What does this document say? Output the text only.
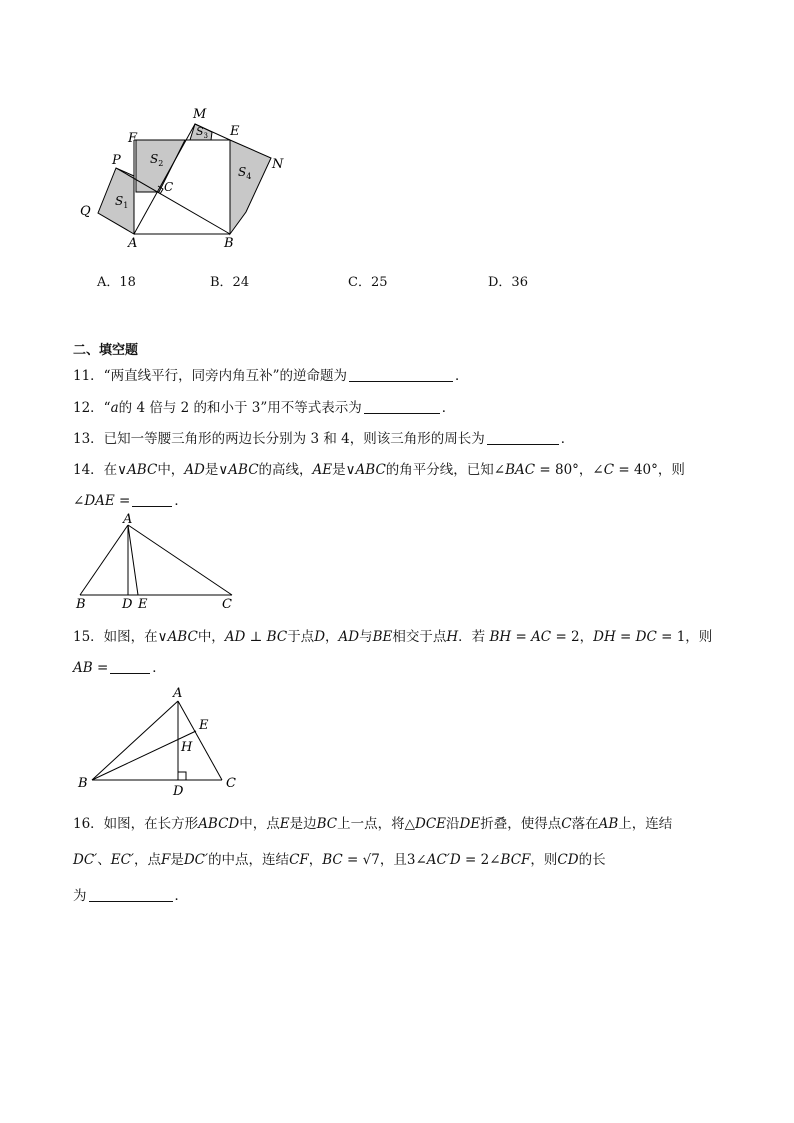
M
E
F
N
P
Q
C
A	B
$S_1$
$S_2$
$S_3$
$S_4$
A．18	B．24	C．25	D．36
二、填空题
11．“两直线平行，同旁内角互补”的逆命题为	．
12．“a的 4 倍与 2 的和小于 3”用不等式表示为	．
13．已知一等腰三角形的两边长分别为 3 和 4，则该三角形的周长为	．
14．在∨ABC中，AD是∨ABC的高线，AE是∨ABC的角平分线，已知∠BAC = 80°，∠C = 40°，则
∠DAE =	．
A
B	D E	C
15．如图，在∨ABC中，AD ⊥ BC于点D，AD与BE相交于点H．若 BH = AC = 2，DH = DC = 1，则
AB =	．
A
E
H
B
D
C
16．如图，在长方形ABCD中，点E是边BC上一点，将△DCE沿DE折叠，使得点C落在AB上，连结
DC′、EC′，点F是DC′的中点，连结CF，BC = √7，且3∠AC′D = 2∠BCF，则CD的长
为	．
